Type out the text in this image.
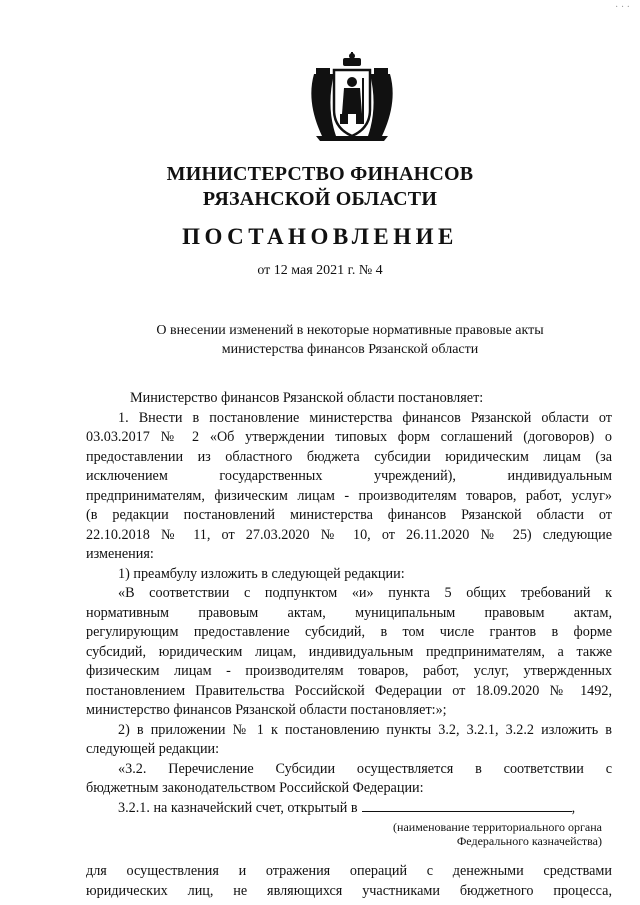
· · ·
МИНИСТЕРСТВО ФИНАНСОВ
РЯЗАНСКОЙ ОБЛАСТИ
ПОСТАНОВЛЕНИЕ
от 12 мая 2021 г. № 4
О внесении изменений в некоторые нормативные правовые акты
министерства финансов Рязанской области

Министерство финансов Рязанской области постановляет:

1. Внести в постановление министерства финансов Рязанской области от

03.03.2017 № 2 «Об утверждении типовых форм соглашений (договоров) о

предоставлении из областного бюджета субсидии юридическим лицам (за

исключением государственных учреждений), индивидуальным

предпринимателям, физическим лицам - производителям товаров, работ, услуг»

(в редакции постановлений министерства финансов Рязанской области от

22.10.2018 № 11, от 27.03.2020 № 10, от 26.11.2020 № 25) следующие

изменения:

1) преамбулу изложить в следующей редакции:

«В соответствии с подпунктом «и» пункта 5 общих требований к

нормативным правовым актам, муниципальным правовым актам,

регулирующим предоставление субсидий, в том числе грантов в форме

субсидий, юридическим лицам, индивидуальным предпринимателям, а также

физическим лицам - производителям товаров, работ, услуг, утвержденных

постановлением Правительства Российской Федерации от 18.09.2020 № 1492,

министерство финансов Рязанской области постановляет:»;

2) в приложении № 1 к постановлению пункты 3.2, 3.2.1, 3.2.2 изложить в

следующей редакции:

«3.2. Перечисление Субсидии осуществляется в соответствии с

бюджетным законодательством Российской Федерации:

3.2.1. на казначейский счет, открытый в	,

(наименование территориального органа
Федерального казначейства)

для осуществления и отражения операций с денежными средствами

юридических лиц, не являющихся участниками бюджетного процесса,
